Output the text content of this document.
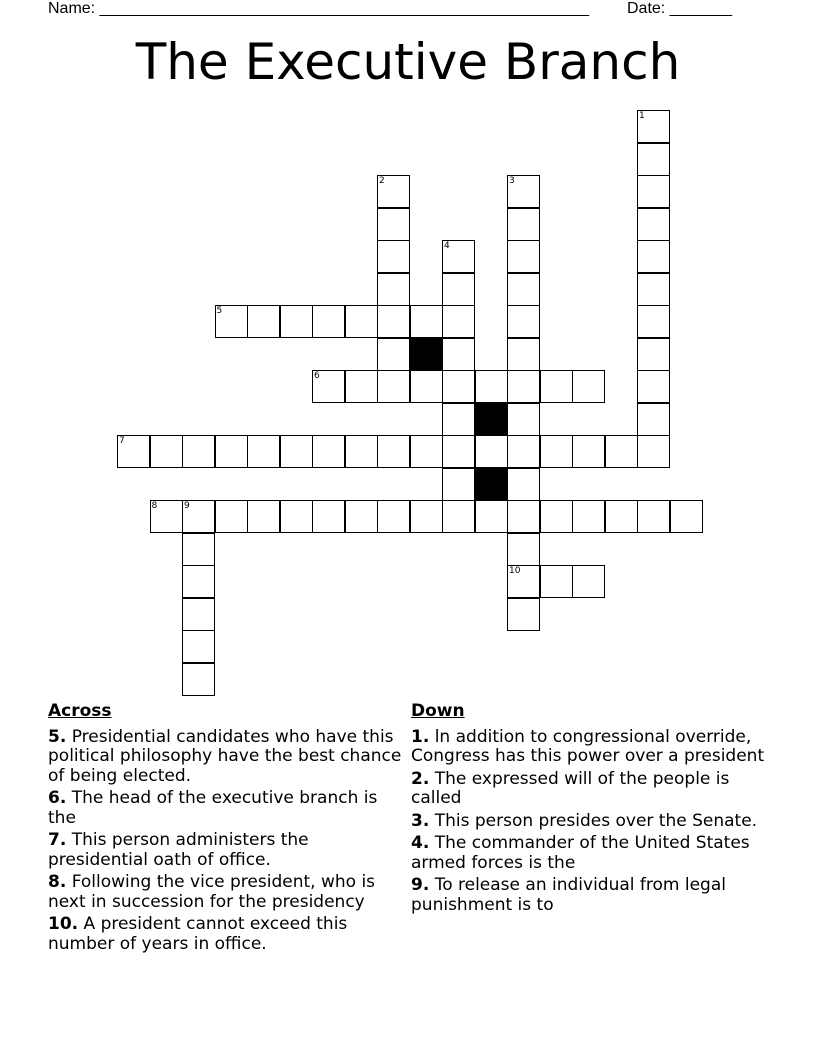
Name: _______________________________________________________ Date: _______
The Executive Branch
1
2	3
10
4
5
6
7
8	9
Across
5. Presidential candidates who have this political philosophy have the best chance of being elected.
6. The head of the executive branch is the
7. This person administers the presidential oath of office.
8. Following the vice president, who is next in succession for the presidency
10. A president cannot exceed this number of years in office.
Down
1. ln addition to congressional override, Congress has this power over a president
2. The expressed will of the people is called
3. This person presides over the Senate.
4. The commander of the United States armed forces is the
9. To release an individual from legal punishment is to
